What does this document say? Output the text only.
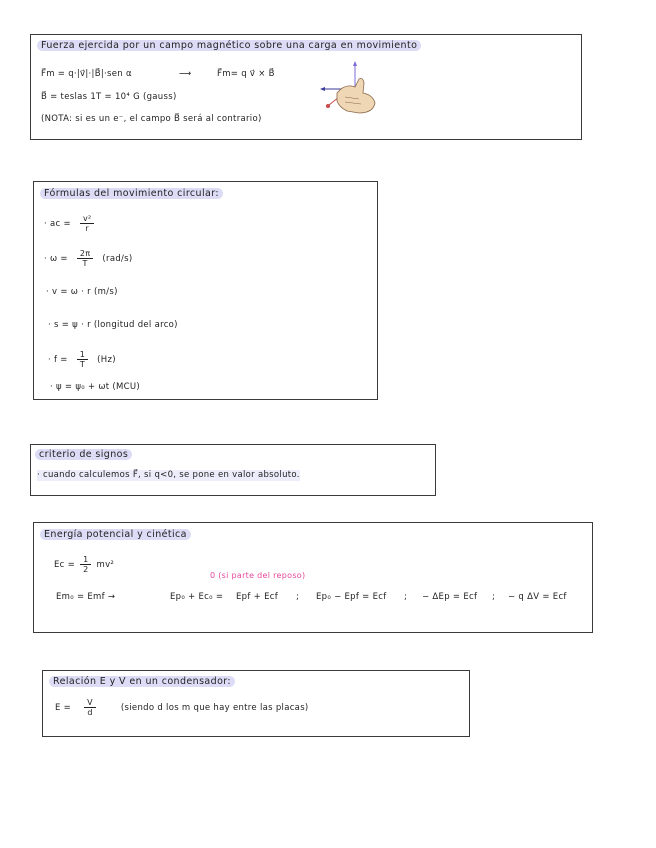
Fuerza ejercida por un campo magnético sobre una carga en movimiento
F⃗m = q·|v⃗|·|B⃗|·sen α	⟶	F⃗m= q v⃗ × B⃗
B⃗ = teslas 1T = 10⁴ G (gauss)
(NOTA: si es un e⁻, el campo B⃗ será al contrario)
Fórmulas del movimiento circular:
· ac = $\frac{\text{v²}}{r}$
· $\omega = \frac{2\pi}{T} (rad/s)$
· v = ω · r (m/s)
· s = ψ · r (longitud del arco)
· $f = \frac{1}{T} (Hz)$
· ψ = ψ₀ + ωt (MCU)
criterio de signos
· cuando calculemos F⃗, si q<0, se pone en valor absoluto.
Energía potencial y cinética
$Ec = \frac{1}{2} mv^2$
Em₀ = Emf →	Ep₀ + Ec₀ =
0 (si parte del reposo)
Epf + Ecf ; Ep₀ − Epf = Ecf ; − ΔEp = Ecf ; − q ΔV = Ecf
Relación E y V en un condensador:
$E = \frac{V}{d}$	(siendo d los m que hay entre las placas)
